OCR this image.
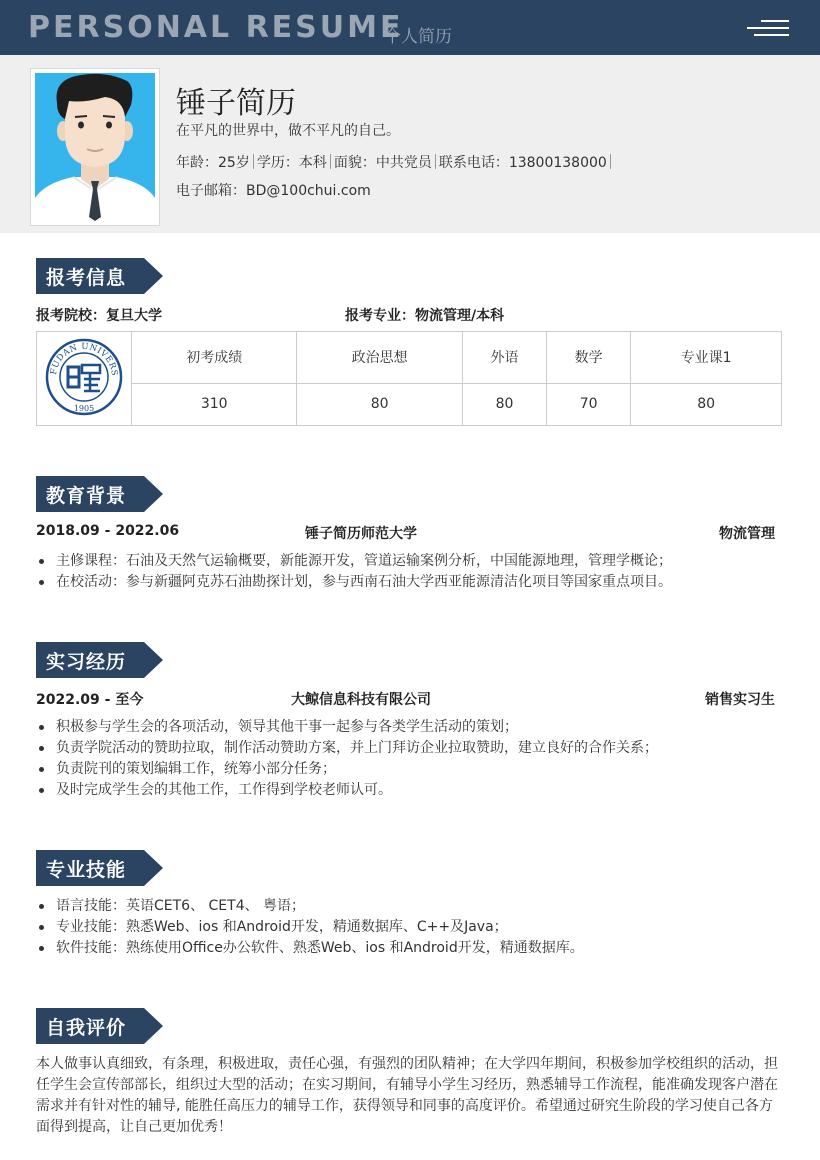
PERSONAL RESUME
个人简历
锤子简历
在平凡的世界中，做不平凡的自己。
年龄：25岁 学历：本科 面貌：中共党员 联系电话：13800138000
电子邮箱：BD@100chui.com
报考信息
报考院校：复旦大学	报考专业：物流管理/本科
FUDAN UNIVERS
1905	初考成绩	政治思想	外语	数学	专业课1
	310	80	80	70	80
教育背景
2018.09 - 2022.06	锤子简历师范大学	物流管理
主修课程：石油及天然气运输概要，新能源开发，管道运输案例分析，中国能源地理，管理学概论；
在校活动：参与新疆阿克苏石油勘探计划，参与西南石油大学西亚能源清洁化项目等国家重点项目。
实习经历
2022.09 - 至今	大鲸信息科技有限公司	销售实习生
积极参与学生会的各项活动，领导其他干事一起参与各类学生活动的策划；
负责学院活动的赞助拉取，制作活动赞助方案，并上门拜访企业拉取赞助，建立良好的合作关系；
负责院刊的策划编辑工作，统筹小部分任务；
及时完成学生会的其他工作，工作得到学校老师认可。
专业技能
语言技能：英语CET6、 CET4、 粤语；
专业技能：熟悉Web、ios 和Android开发，精通数据库、C++及Java；
软件技能：熟练使用Office办公软件、熟悉Web、ios 和Android开发，精通数据库。
自我评价
本人做事认真细致，有条理，积极进取，责任心强，有强烈的团队精神；在大学四年期间，积极参加学校组织的活动，担任学生会宣传部部长，组织过大型的活动；在实习期间，有辅导小学生习经历，熟悉辅导工作流程，能准确发现客户潜在需求并有针对性的辅导, 能胜任高压力的辅导工作，获得领导和同事的高度评价。希望通过研究生阶段的学习使自己各方面得到提高，让自己更加优秀！
